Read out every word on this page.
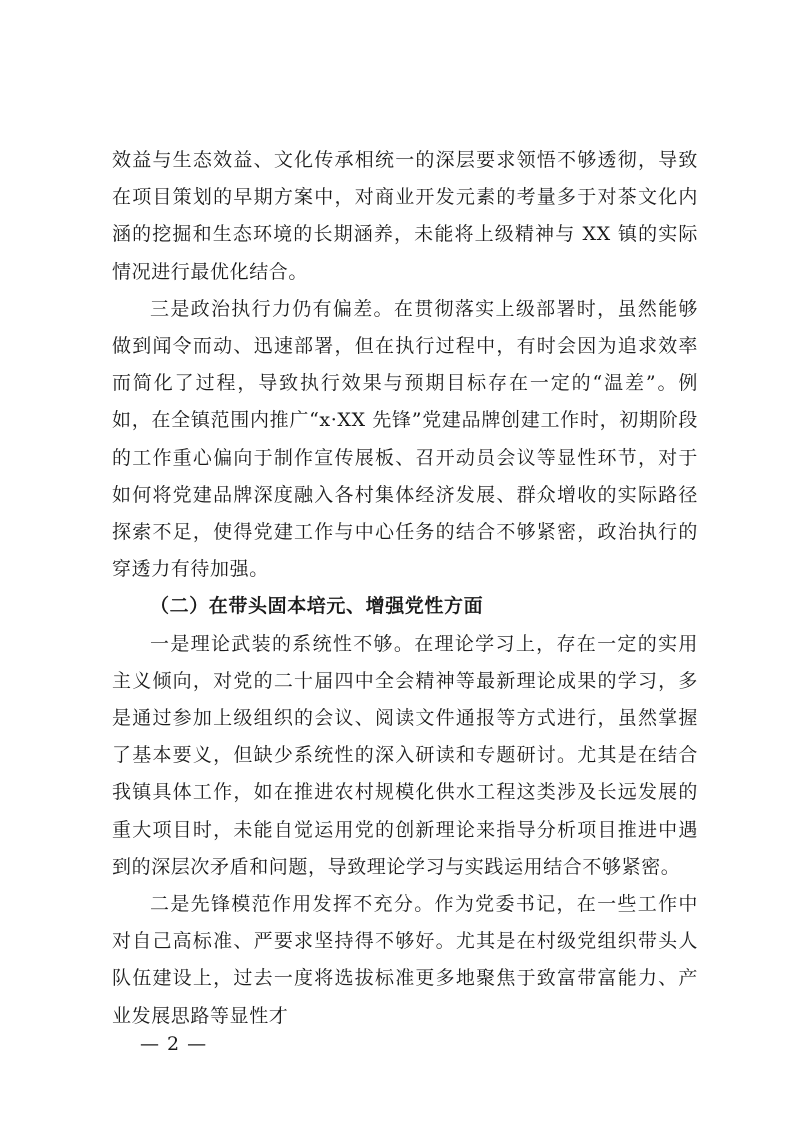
效益与生态效益、文化传承相统一的深层要求领悟不够透彻，导致在项目策划的早期方案中，对商业开发元素的考量多于对茶文化内涵的挖掘和生态环境的长期涵养，未能将上级精神与 XX 镇的实际情况进行最优化结合。

三是政治执行力仍有偏差。在贯彻落实上级部署时，虽然能够做到闻令而动、迅速部署，但在执行过程中，有时会因为追求效率而简化了过程，导致执行效果与预期目标存在一定的“温差”。例如，在全镇范围内推广“x·XX 先锋”党建品牌创建工作时，初期阶段的工作重心偏向于制作宣传展板、召开动员会议等显性环节，对于如何将党建品牌深度融入各村集体经济发展、群众增收的实际路径探索不足，使得党建工作与中心任务的结合不够紧密，政治执行的穿透力有待加强。

（二）在带头固本培元、增强党性方面

一是理论武装的系统性不够。在理论学习上，存在一定的实用主义倾向，对党的二十届四中全会精神等最新理论成果的学习，多是通过参加上级组织的会议、阅读文件通报等方式进行，虽然掌握了基本要义，但缺少系统性的深入研读和专题研讨。尤其是在结合我镇具体工作，如在推进农村规模化供水工程这类涉及长远发展的重大项目时，未能自觉运用党的创新理论来指导分析项目推进中遇到的深层次矛盾和问题，导致理论学习与实践运用结合不够紧密。

二是先锋模范作用发挥不充分。作为党委书记，在一些工作中对自己高标准、严要求坚持得不够好。尤其是在村级党组织带头人队伍建设上，过去一度将选拔标准更多地聚焦于致富带富能力、产业发展思路等显性才

— 2 —
